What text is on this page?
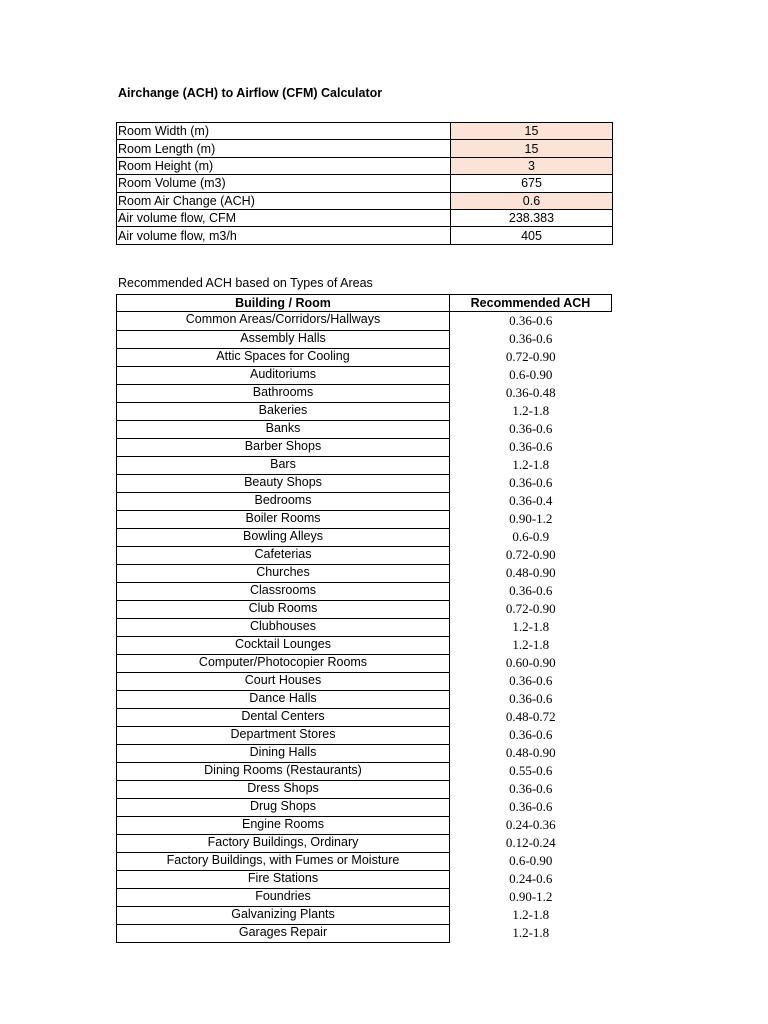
Airchange (ACH) to Airflow (CFM) Calculator
Room Width (m)	15
Room Length (m)	15
Room Height (m)	3
Room Volume (m3)	675
Room Air Change (ACH)	0.6
Air volume flow, CFM	238.383
Air volume flow, m3/h	405
Recommended ACH based on Types of Areas
Building / Room	Recommended ACH
Common Areas/Corridors/Hallways	0.36-0.6
Assembly Halls	0.36-0.6
Attic Spaces for Cooling	0.72-0.90
Auditoriums	0.6-0.90
Bathrooms	0.36-0.48
Bakeries	1.2-1.8
Banks	0.36-0.6
Barber Shops	0.36-0.6
Bars	1.2-1.8
Beauty Shops	0.36-0.6
Bedrooms	0.36-0.4
Boiler Rooms	0.90-1.2
Bowling Alleys	0.6-0.9
Cafeterias	0.72-0.90
Churches	0.48-0.90
Classrooms	0.36-0.6
Club Rooms	0.72-0.90
Clubhouses	1.2-1.8
Cocktail Lounges	1.2-1.8
Computer/Photocopier Rooms	0.60-0.90
Court Houses	0.36-0.6
Dance Halls	0.36-0.6
Dental Centers	0.48-0.72
Department Stores	0.36-0.6
Dining Halls	0.48-0.90
Dining Rooms (Restaurants)	0.55-0.6
Dress Shops	0.36-0.6
Drug Shops	0.36-0.6
Engine Rooms	0.24-0.36
Factory Buildings, Ordinary	0.12-0.24
Factory Buildings, with Fumes or Moisture	0.6-0.90
Fire Stations	0.24-0.6
Foundries	0.90-1.2
Galvanizing Plants	1.2-1.8
Garages Repair	1.2-1.8
